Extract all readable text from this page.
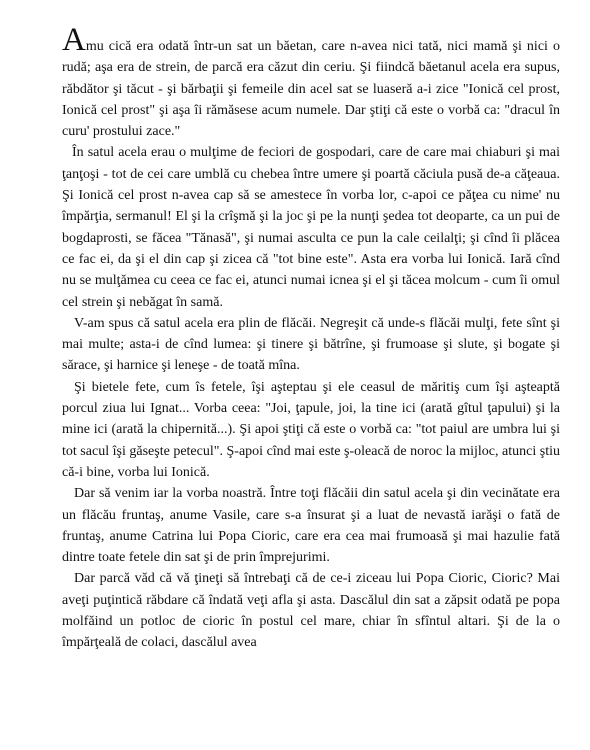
Amu cică era odată într-un sat un băetan, care n-avea nici tată, nici mamă şi nici o rudă; aşa era de strein, de parcă era căzut din ceriu. Şi fiindcă băetanul acela era supus, răbdător şi tăcut - şi bărbaţii şi femeile din acel sat se luaseră a-i zice "Ionică cel prost, Ionică cel prost" şi aşa îi rămăsese acum numele. Dar ştiţi că este o vorbă ca: "dracul în curu' prostului zace."

În satul acela erau o mulţime de feciori de gospodari, care de care mai chiaburi şi mai ţanţoşi - tot de cei care umblă cu chebea între umere şi poartă căciula pusă de-a căţeaua. Şi Ionică cel prost n-avea cap să se amestece în vorba lor, c-apoi ce păţea cu nime' nu împărţia, sermanul! El şi la crîşmă şi la joc şi pe la nunţi şedea tot deoparte, ca un pui de bogdaprosti, se făcea "Tănasă", şi numai asculta ce pun la cale ceilalţi; şi cînd îi plăcea ce fac ei, da şi el din cap şi zicea că "tot bine este". Asta era vorba lui Ionică. Iară cînd nu se mulţămea cu ceea ce fac ei, atunci numai icnea şi el şi tăcea molcum - cum îi omul cel strein şi nebăgat în samă.

V-am spus că satul acela era plin de flăcăi. Negreşit că unde-s flăcăi mulţi, fete sînt şi mai multe; asta-i de cînd lumea: şi tinere şi bătrîne, şi frumoase şi slute, şi bogate şi sărace, şi harnice şi leneşe - de toată mîna.

Şi bietele fete, cum îs fetele, îşi aşteptau şi ele ceasul de măritiş cum îşi aşteaptă porcul ziua lui Ignat... Vorba ceea: "Joi, ţapule, joi, la tine ici (arată gîtul ţapului) şi la mine ici (arată la chipernită...). Şi apoi ştiţi că este o vorbă ca: "tot paiul are umbra lui şi tot sacul îşi găseşte petecul". Ş-apoi cînd mai este ş-oleacă de noroc la mijloc, atunci ştiu că-i bine, vorba lui Ionică.

Dar să venim iar la vorba noastră. Între toţi flăcăii din satul acela şi din vecinătate era un flăcău fruntaş, anume Vasile, care s-a însurat şi a luat de nevastă iarăşi o fată de fruntaş, anume Catrina lui Popa Cioric, care era cea mai frumoasă şi mai hazulie fată dintre toate fetele din sat şi de prin împrejurimi.

Dar parcă văd că vă ţineţi să întrebaţi că de ce-i ziceau lui Popa Cioric, Cioric? Mai aveţi puţintică răbdare că îndată veţi afla şi asta. Dascălul din sat a zăpsit odată pe popa molfăind un potloc de cioric în postul cel mare, chiar în sfîntul altari. Şi de la o împărţeală de colaci, dascălul avea
